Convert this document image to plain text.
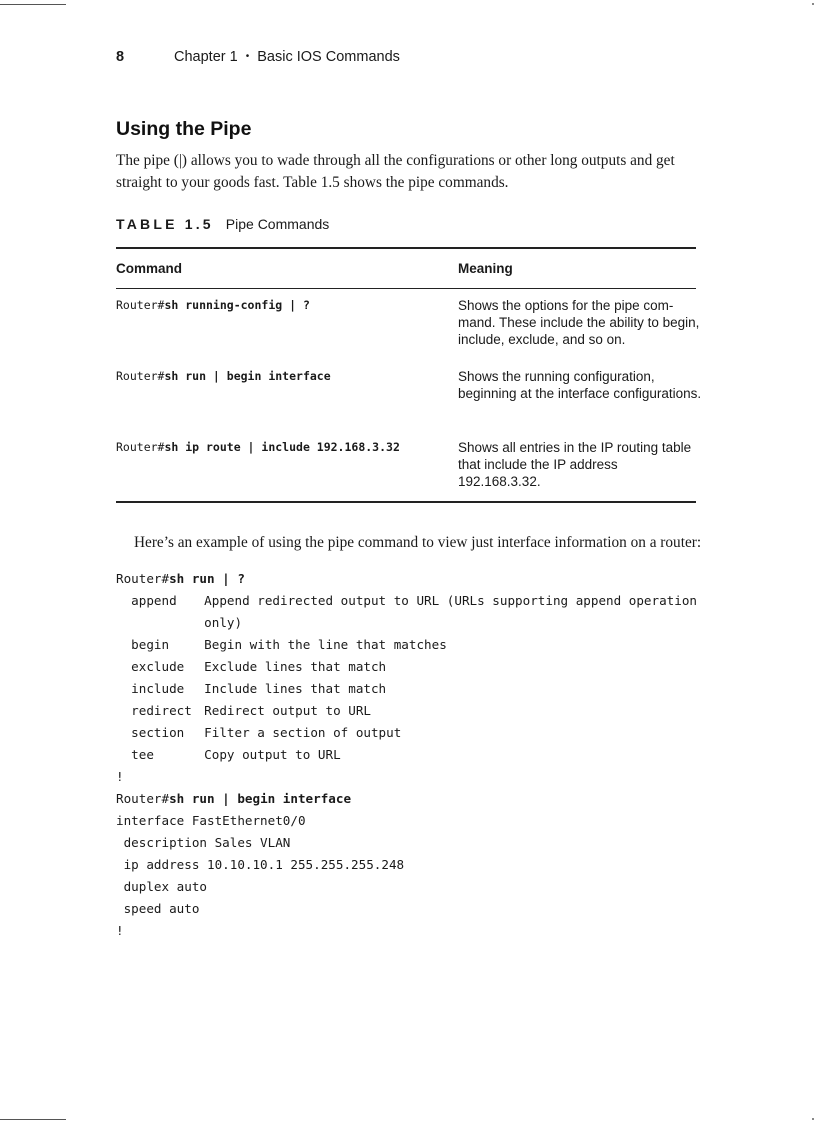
8	Chapter 1 • Basic IOS Commands
Using the Pipe
The pipe (|) allows you to wade through all the configurations or other long outputs and get straight to your goods fast. Table 1.5 shows the pipe commands.
TABLE 1.5 Pipe Commands
Command	Meaning
Router#sh running-config | ?	Shows the options for the pipe com-mand. These include the ability to begin, include, exclude, and so on.
Router#sh run | begin interface	Shows the running configuration, beginning at the interface configurations.
Router#sh ip route | include 192.168.3.32	Shows all entries in the IP routing table that include the IP address 192.168.3.32.
Here’s an example of using the pipe command to view just interface information on a router:
Router#sh run | ?
append Append redirected output to URL (URLs supporting append operation
only)
begin	Begin with the line that matches
exclude Exclude lines that match
include Include lines that match
redirect Redirect output to URL
section Filter a section of output
tee	Copy output to URL
!
Router#sh run | begin interface
interface FastEthernet0/0
description Sales VLAN
ip address 10.10.10.1 255.255.255.248
duplex auto
speed auto
!
